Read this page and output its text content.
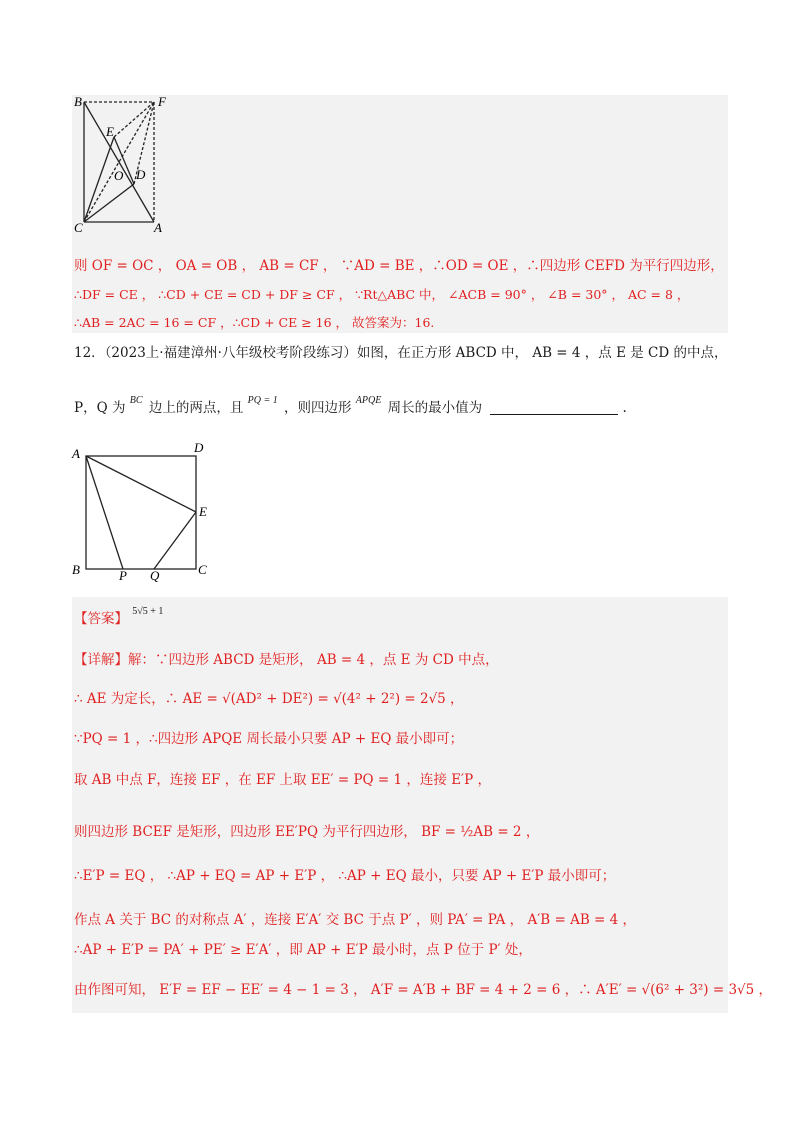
B	F
E
O D
C	A
则 OF = OC ， OA = OB ， AB = CF ， ∵AD = BE ，∴OD = OE ，∴四边形 CEFD 为平行四边形，
∴DF = CE ， ∴CD + CE = CD + DF ≥ CF ， ∵Rt△ABC 中， ∠ACB = 90° ， ∠B = 30° ， AC = 8 ，
∴AB = 2AC = 16 = CF ，∴CD + CE ≥ 16 ， 故答案为：16.
12．（2023上·福建漳州·八年级校考阶段练习）如图，在正方形 ABCD 中， AB = 4 ，点 E 是 CD 的中点，
P，Q 为 $^{BC}$ 边上的两点，且 $^{PQ = 1}$ ，则四边形 $^{APQE}$ 周长的最小值为	.
A	D
E
B	P Q	C
【答案】 $^{5√5 + 1}$
【详解】解：∵四边形 ABCD 是矩形， AB = 4 ，点 E 为 CD 中点，
∴ AE 为定长，∴ AE = √(AD² + DE²) = √(4² + 2²) = 2√5 ，
∵PQ = 1 ，∴四边形 APQE 周长最小只要 AP + EQ 最小即可；
取 AB 中点 F，连接 EF ，在 EF 上取 EE′ = PQ = 1 ，连接 E′P ，
则四边形 BCEF 是矩形，四边形 EE′PQ 为平行四边形， BF = ½AB = 2 ，
∴E′P = EQ ， ∴AP + EQ = AP + E′P ， ∴AP + EQ 最小，只要 AP + E′P 最小即可；
作点 A 关于 BC 的对称点 A′ ，连接 E′A′ 交 BC 于点 P′ ，则 PA′ = PA ， A′B = AB = 4 ，
∴AP + E′P = PA′ + PE′ ≥ E′A′ ，即 AP + E′P 最小时，点 P 位于 P′ 处，
由作图可知， E′F = EF − EE′ = 4 − 1 = 3 ， A′F = A′B + BF = 4 + 2 = 6 ，∴ A′E′ = √(6² + 3²) = 3√5 ，
